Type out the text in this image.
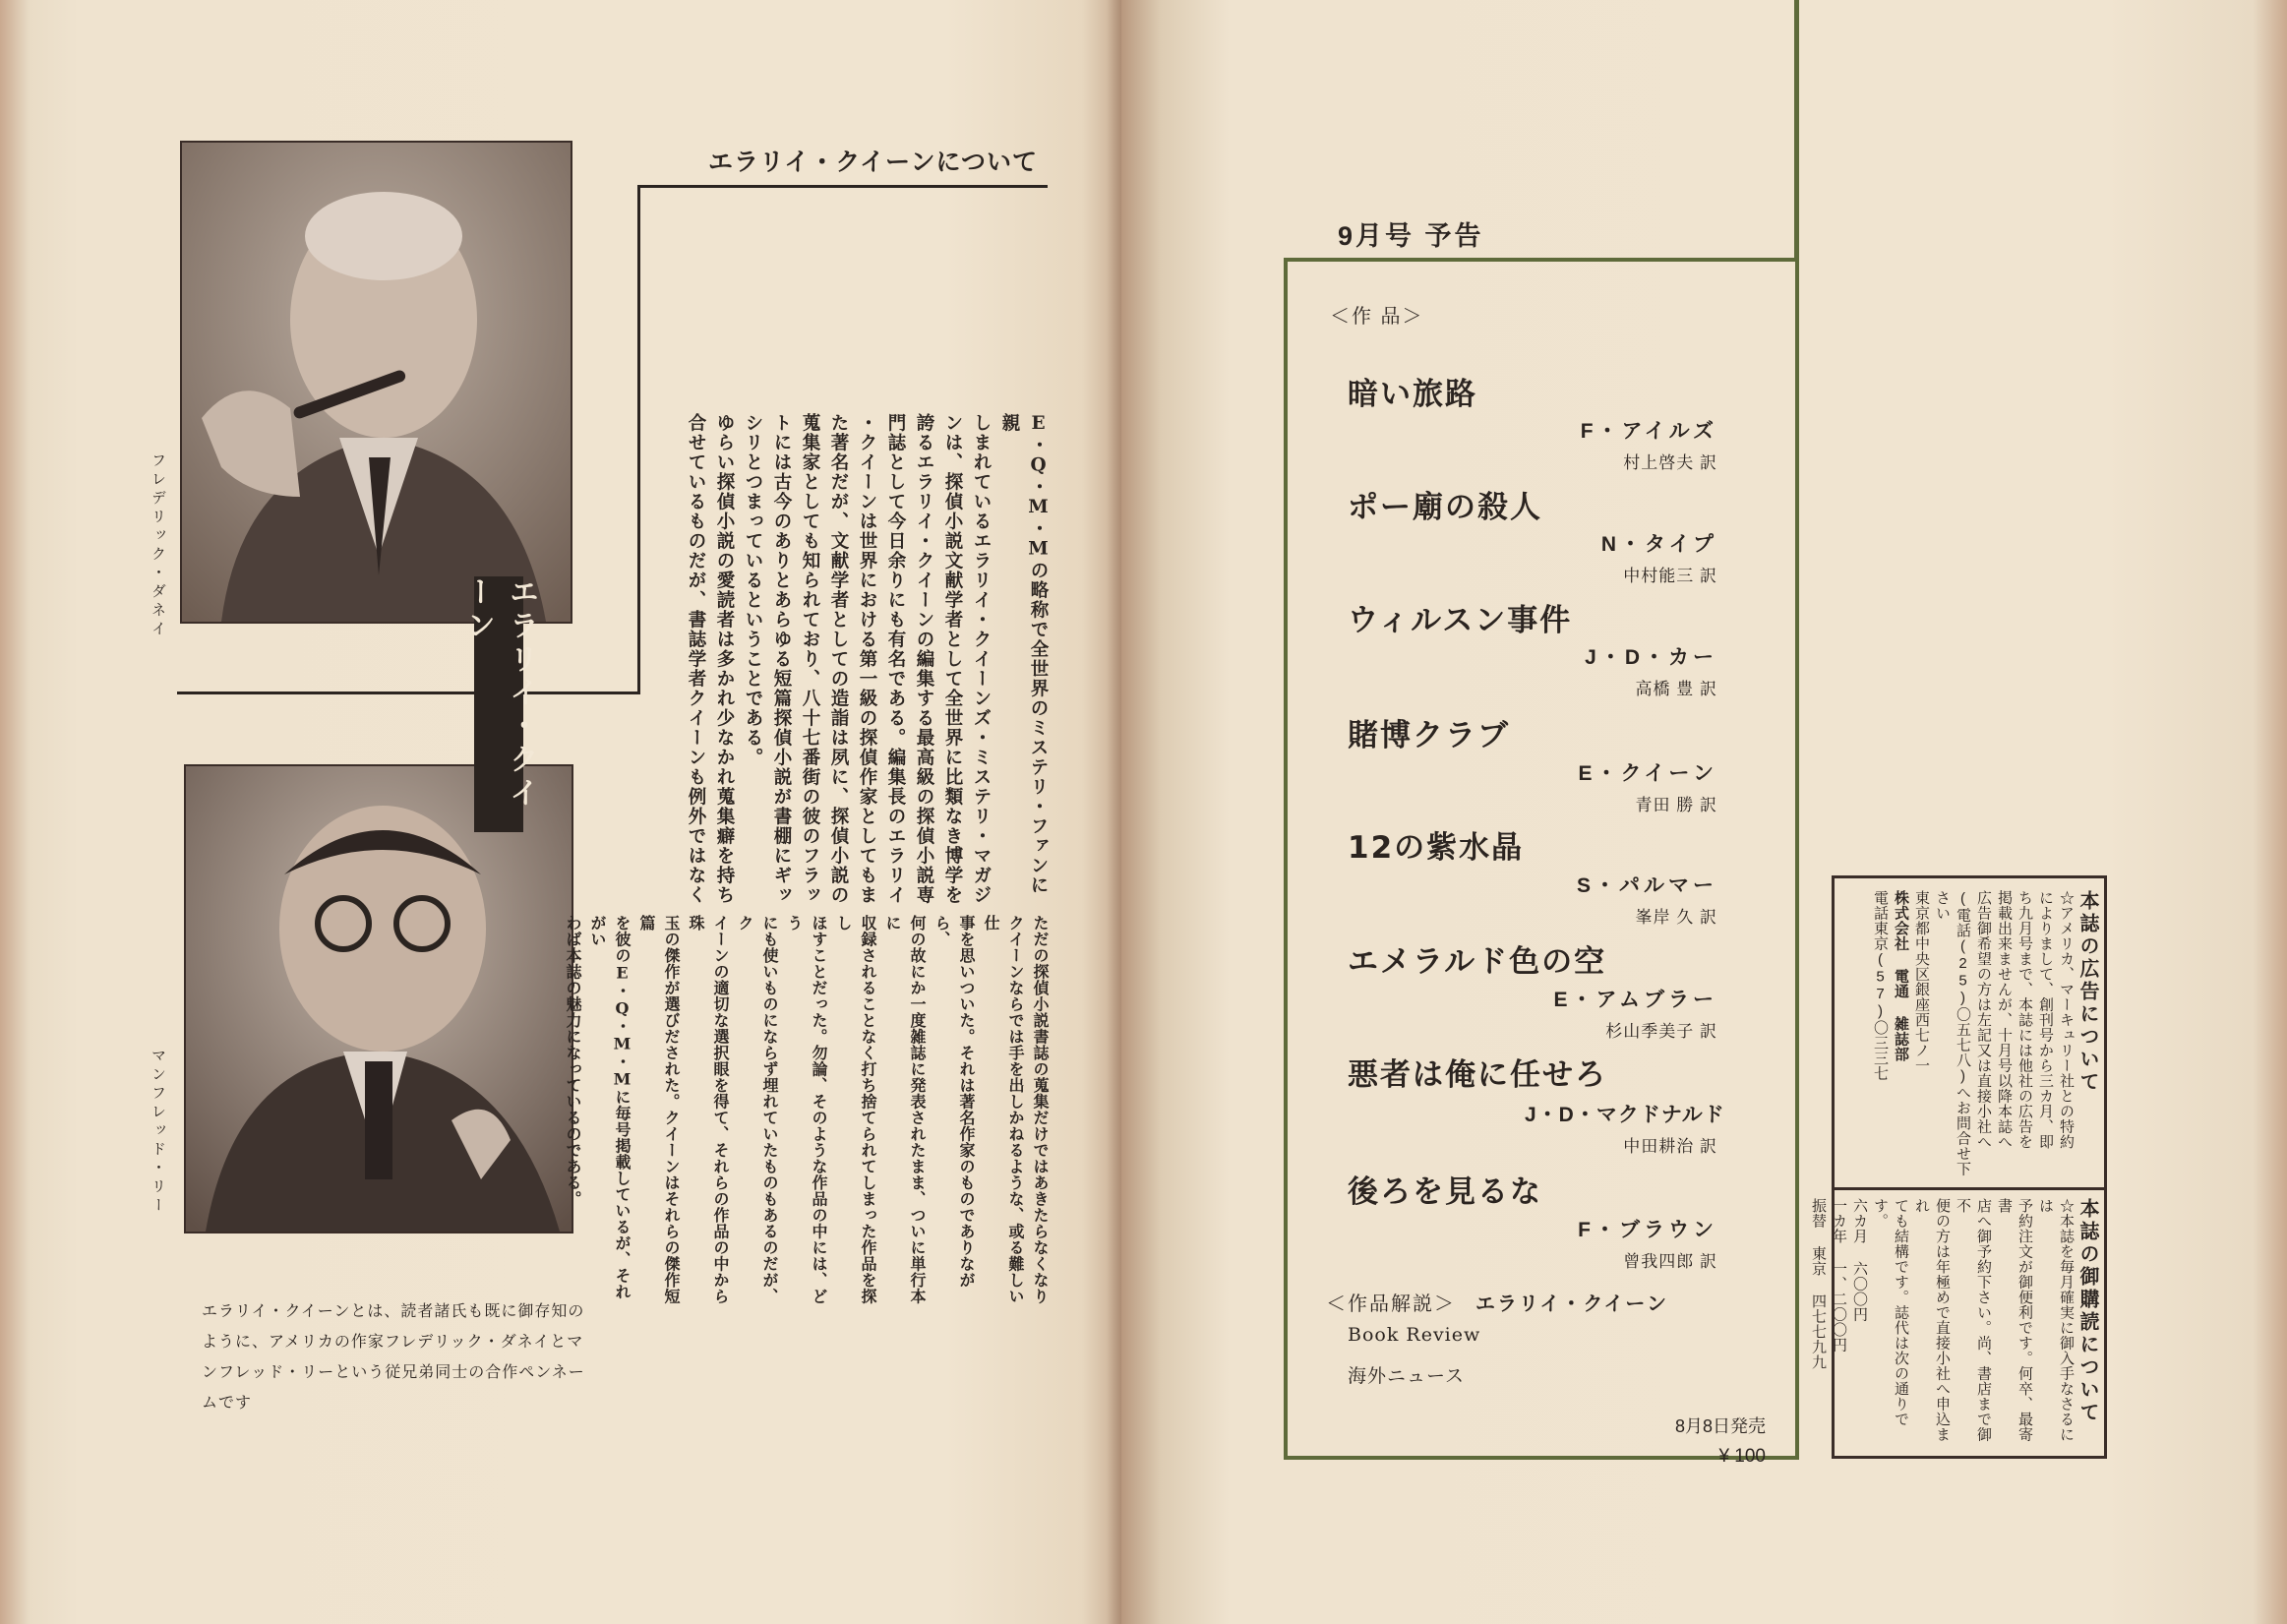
フレデリック・ダネイ
マンフレッド・リー
エラリイ・クイーンについて
エラリイ・クイーン	E・Q・M・Mの略称で全世界のミステリ・ファンに親

しまれているエラリイ・クイーンズ・ミステリ・マガジ

ンは、探偵小説文献学者として全世界に比類なき博学を

誇るエラリイ・クイーンの編集する最高級の探偵小説専

門誌として今日余りにも有名である。編集長のエラリイ

・クイーンは世界における第一級の探偵作家としてもま

た著名だが、文献学者としての造詣は夙に、探偵小説の

蒐集家としても知られており、八十七番街の彼のフラッ

トには古今のありとあらゆる短篇探偵小説が書棚にギッ

シリとつまっているということである。

ゆらい探偵小説の愛読者は多かれ少なかれ蒐集癖を持ち

合せているものだが、書誌学者クイーンも例外ではなく

ただの探偵小説書誌の蒐集だけではあきたらなくなり

クイーンならでは手を出しかねるような、或る難しい仕

事を思いついた。それは著名作家のものでありながら、

何の故にか一度雑誌に発表されたまま、ついに単行本に

収録されることなく打ち捨てられてしまった作品を探し

ほすことだった。勿論、そのような作品の中には、どう

にも使いものにならず埋れていたものもあるのだが、ク

イーンの適切な選択眼を得て、それらの作品の中から珠

玉の傑作が選びだされた。クイーンはそれらの傑作短篇

を彼のE・Q・M・Mに毎号掲載しているが、それがい

わば本誌の魅力になっているのである。

エラリイ・クイーンとは、読者諸氏も既に御存知のように、アメリカの作家フレデリック・ダネイとマンフレッド・リーという従兄弟同士の合作ペンネームです
9月号 予告
＜作 品＞
暗い旅路
F・アイルズ
村上啓夫 訳
ポー廟の殺人
N・タイプ
中村能三 訳
ウィルスン事件
J・D・カー
高橋 豊 訳
賭博クラブ
E・クイーン
青田 勝 訳
12の紫水晶
S・パルマー
峯岸 久 訳
エメラルド色の空
E・アムブラー
杉山季美子 訳
悪者は俺に任せろ
J・D・マクドナルド
中田耕治 訳
後ろを見るな
F・ブラウン
曾我四郎 訳
＜作品解説＞ エラリイ・クイーン
Book Review
海外ニュース
8月8日発売
¥ 100
本誌の広告について
☆アメリカ、マーキュリー社との特約
によりまして、創刊号から三カ月、即
ち九月号まで、本誌には他社の広告を
掲載出来ませんが、十月号以降本誌へ
広告御希望の方は左記又は直接小社へ
(電話(25)〇五七八)へお問合せ下さい
東京都中央区銀座西七ノ一
株式会社 電通 雑誌部
電話東京(57)〇三三七
本誌の御購読について
☆本誌を毎月確実に御入手なさるには
予約注文が御便利です。何卒、最寄書
店へ御予約下さい。尚、書店まで御不
便の方は年極めで直接小社へ申込まれ
ても結構です。誌代は次の通りです。
六カ月 六〇〇円
一カ年 一、二〇〇円
振替 東京 四七七九九
